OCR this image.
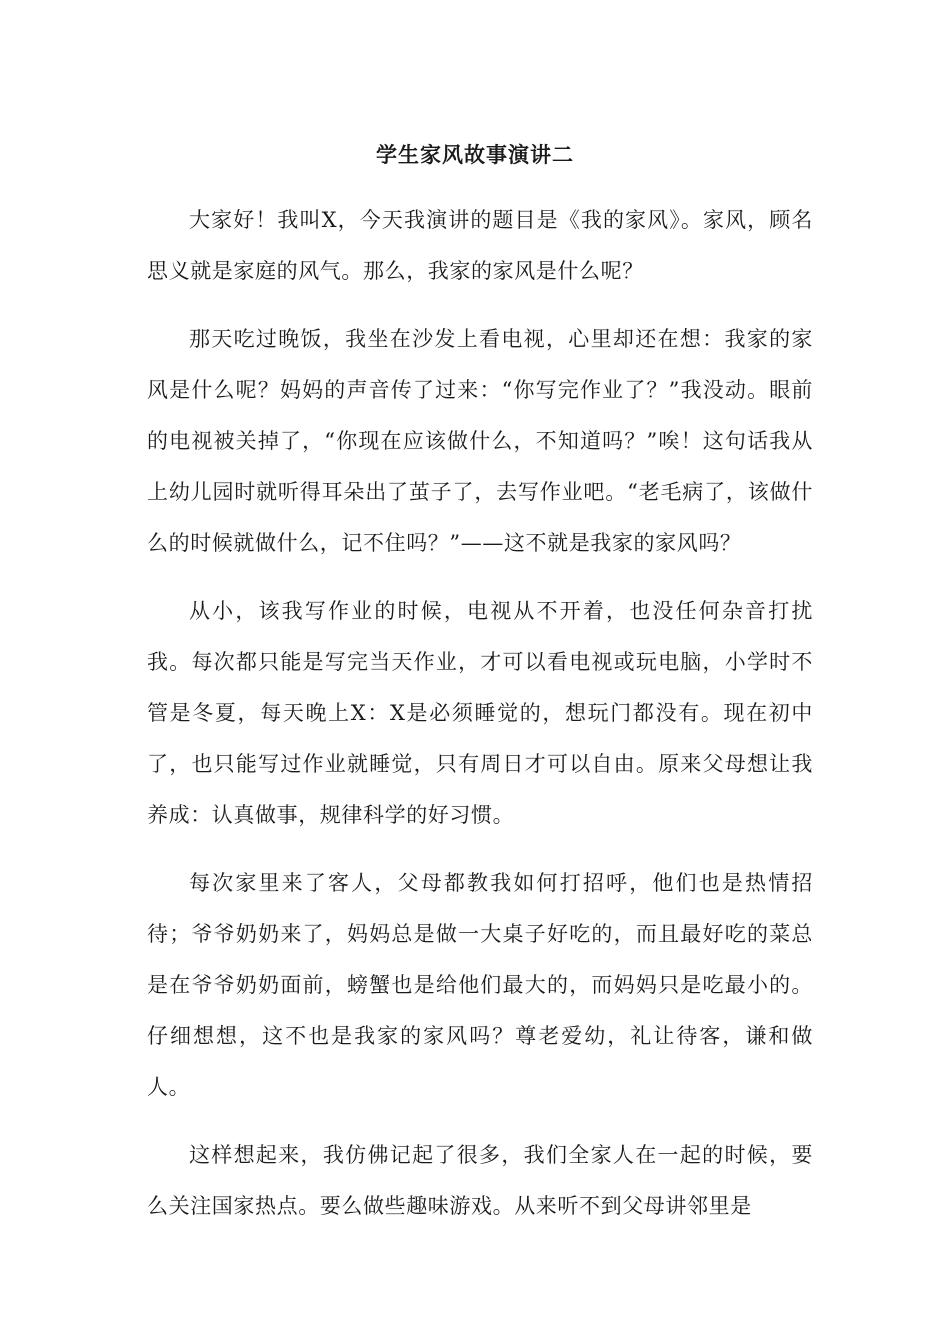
学生家风故事演讲二

大家好！我叫X，今天我演讲的题目是《我的家风》。家风，顾名思义就是家庭的风气。那么，我家的家风是什么呢？

那天吃过晚饭，我坐在沙发上看电视，心里却还在想：我家的家风是什么呢？妈妈的声音传了过来：“你写完作业了？”我没动。眼前的电视被关掉了，“你现在应该做什么，不知道吗？”唉！这句话我从上幼儿园时就听得耳朵出了茧子了，去写作业吧。“老毛病了，该做什么的时候就做什么，记不住吗？”——这不就是我家的家风吗？

从小，该我写作业的时候，电视从不开着，也没任何杂音打扰我。每次都只能是写完当天作业，才可以看电视或玩电脑，小学时不管是冬夏，每天晚上X：X是必须睡觉的，想玩门都没有。现在初中了，也只能写过作业就睡觉，只有周日才可以自由。原来父母想让我养成：认真做事，规律科学的好习惯。

每次家里来了客人，父母都教我如何打招呼，他们也是热情招待；爷爷奶奶来了，妈妈总是做一大桌子好吃的，而且最好吃的菜总是在爷爷奶奶面前，螃蟹也是给他们最大的，而妈妈只是吃最小的。仔细想想，这不也是我家的家风吗？尊老爱幼，礼让待客，谦和做人。

这样想起来，我仿佛记起了很多，我们全家人在一起的时候，要么关注国家热点。要么做些趣味游戏。从来听不到父母讲邻里是
